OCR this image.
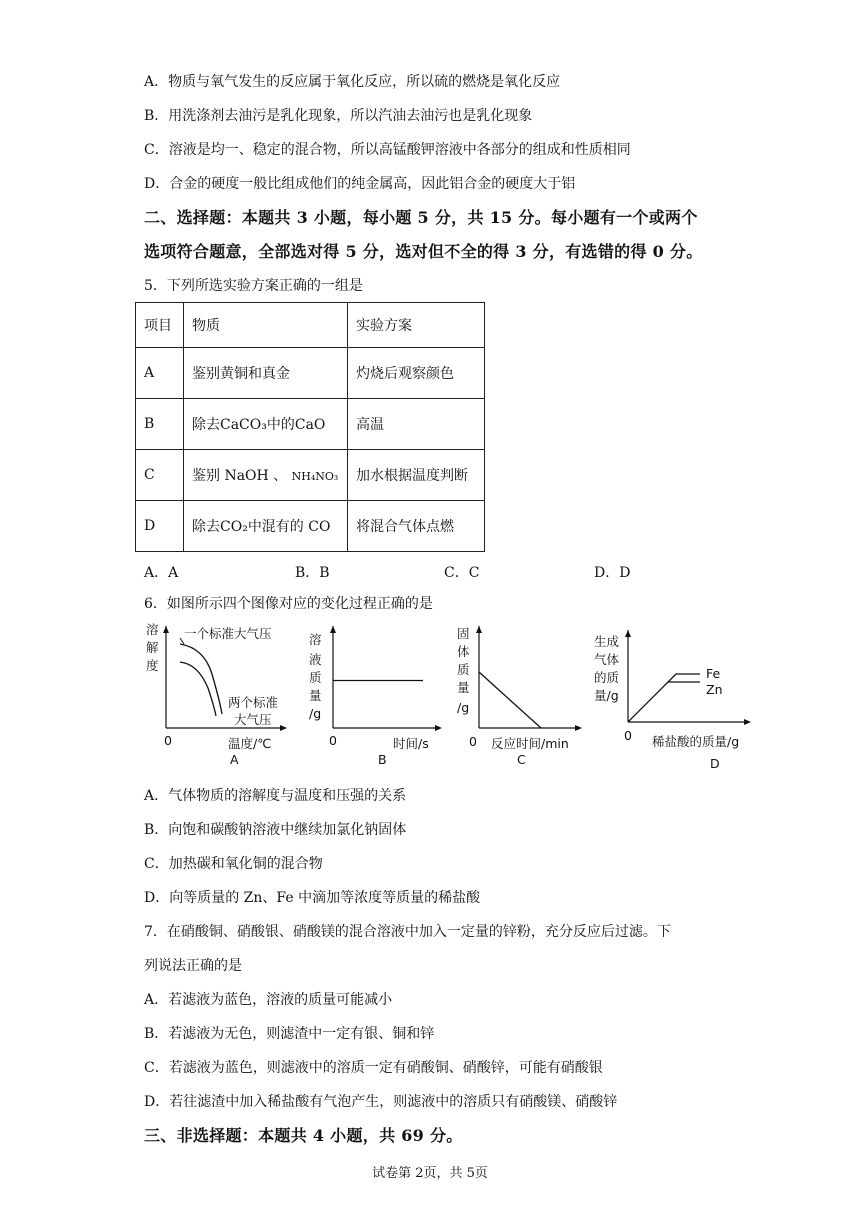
A．物质与氧气发生的反应属于氧化反应，所以硫的燃烧是氧化反应
B．用洗涤剂去油污是乳化现象，所以汽油去油污也是乳化现象
C．溶液是均一、稳定的混合物，所以高锰酸钾溶液中各部分的组成和性质相同
D．合金的硬度一般比组成他们的纯金属高，因此铝合金的硬度大于铝
二、选择题：本题共 3 小题，每小题 5 分，共 15 分。每小题有一个或两个
选项符合题意，全部选对得 5 分，选对但不全的得 3 分，有选错的得 0 分。
5．下列所选实验方案正确的一组是
项目	物质	实验方案
A	鉴别黄铜和真金	灼烧后观察颜色
B	除去CaCO₃中的CaO	高温
C	鉴别 NaOH 、 NH₄NO₃	加水根据温度判断
D	除去CO₂中混有的 CO	将混合气体点燃
A．A	B．B	C．C	D．D
6．如图所示四个图像对应的变化过程正确的是
溶
解
度
一个标准大气压
两个标准
大气压
0	温度/℃
A
溶
液
质
量
/g
0	时间/s
B
固
体
质
量
/g
0 反应时间/min
C
生成
气体
的质
量/g
Fe
Zn
0 稀盐酸的质量/g
D
A．气体物质的溶解度与温度和压强的关系
B．向饱和碳酸钠溶液中继续加氯化钠固体
C．加热碳和氧化铜的混合物
D．向等质量的 Zn、Fe 中滴加等浓度等质量的稀盐酸
7．在硝酸铜、硝酸银、硝酸镁的混合溶液中加入一定量的锌粉，充分反应后过滤。下
列说法正确的是
A．若滤液为蓝色，溶液的质量可能减小
B．若滤液为无色，则滤渣中一定有银、铜和锌
C．若滤液为蓝色，则滤液中的溶质一定有硝酸铜、硝酸锌，可能有硝酸银
D．若往滤渣中加入稀盐酸有气泡产生，则滤液中的溶质只有硝酸镁、硝酸锌
三、非选择题：本题共 4 小题，共 69 分。
试卷第 2页，共 5页
